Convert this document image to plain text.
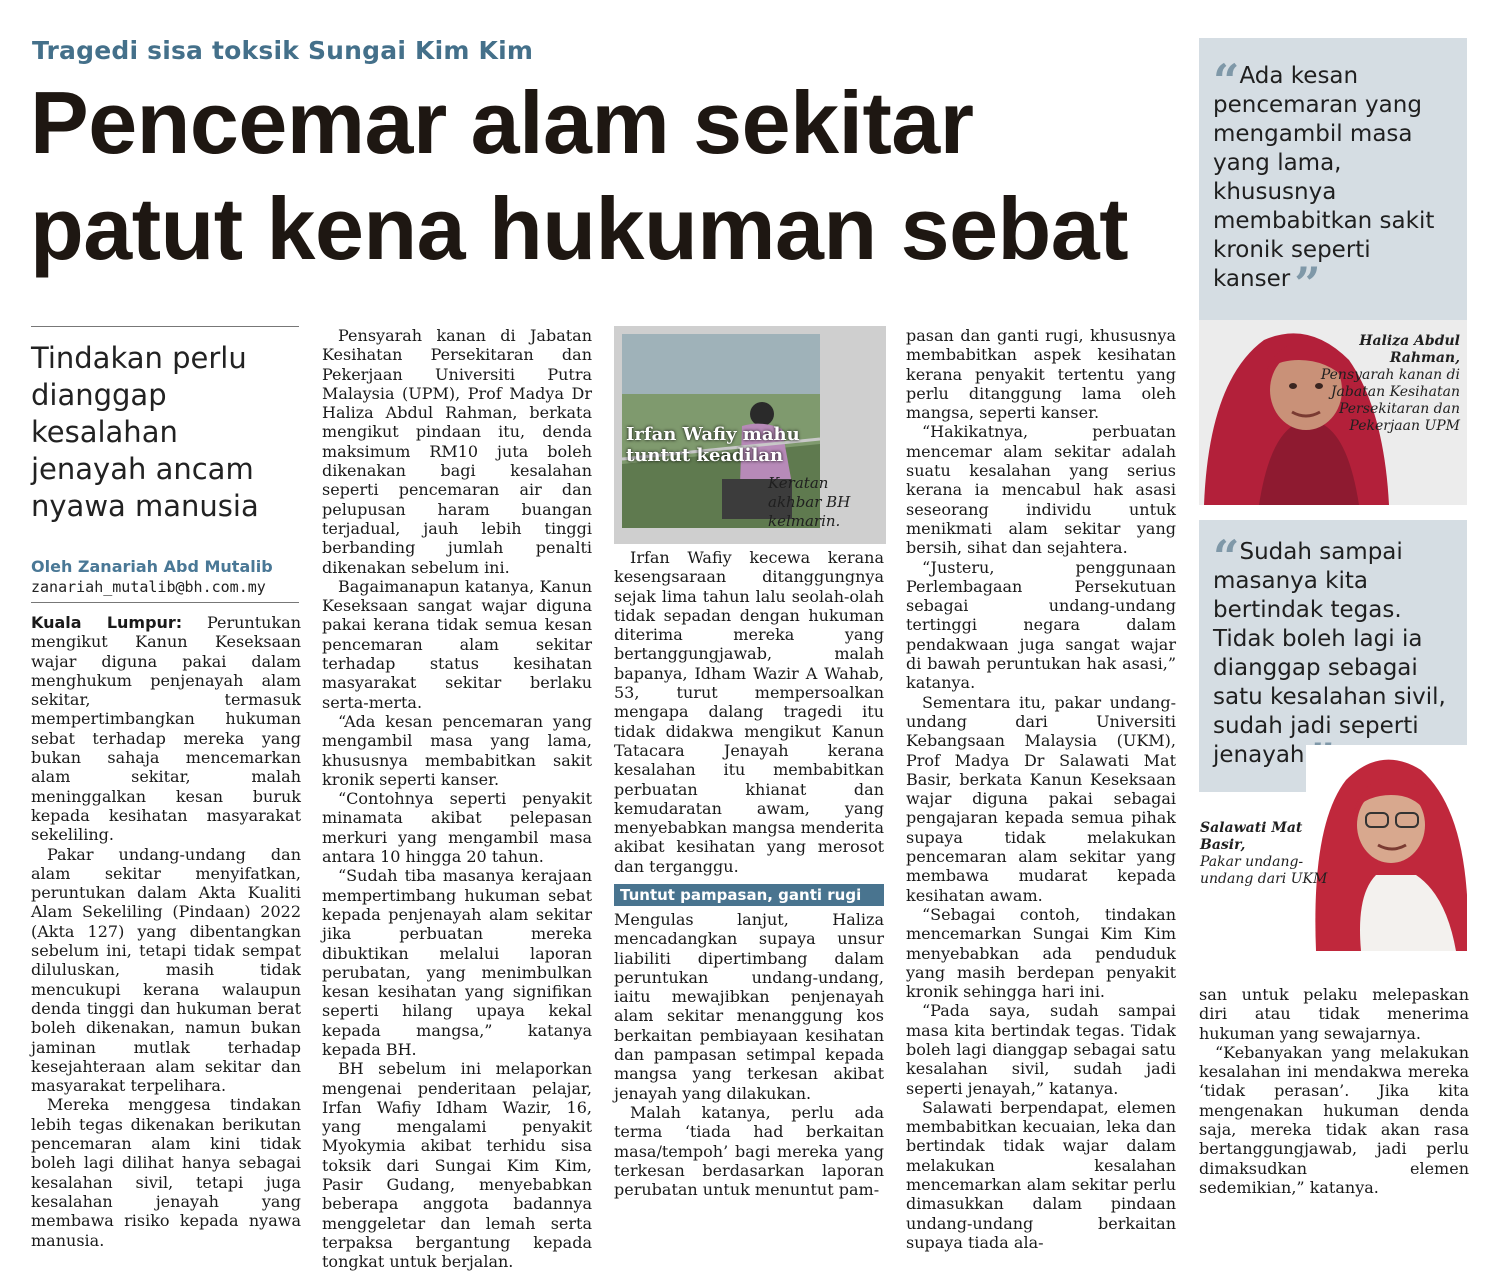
Tragedi sisa toksik Sungai Kim Kim
Pencemar alam sekitar
patut kena hukuman sebat
“Ada kesan pencemaran yang mengambil masa yang lama, khususnya membabitkan sakit kronik seperti kanser”
Haliza Abdul Rahman,
Pensyarah kanan di Jabatan Kesihatan Persekitaran dan Pekerjaan UPM
“Sudah sampai masanya kita bertindak tegas. Tidak boleh lagi ia dianggap sebagai satu kesalahan sivil, sudah jadi seperti jenayah
Salawati Mat Basir,
Pakar undang-undang dari UKM
Tindakan perlu dianggap kesalahan jenayah ancam nyawa manusia
Oleh Zanariah Abd Mutalib
zanariah_mutalib@bh.com.my

Kuala Lumpur: Peruntukan mengikut Kanun Keseksaan wajar diguna pakai dalam menghukum penjenayah alam sekitar, termasuk mempertimbangkan hukuman sebat terhadap mereka yang bukan sahaja mencemarkan alam sekitar, malah meninggalkan kesan buruk kepada kesihatan masyarakat sekeliling.

Pakar undang-undang dan alam sekitar menyifatkan, peruntukan dalam Akta Kualiti Alam Sekeliling (Pindaan) 2022 (Akta 127) yang dibentangkan sebelum ini, tetapi tidak sempat diluluskan, masih tidak mencukupi kerana walaupun denda tinggi dan hukuman berat boleh dikenakan, namun bukan jaminan mutlak terhadap kesejahteraan alam sekitar dan masyarakat terpelihara.

Mereka menggesa tindakan lebih tegas dikenakan berikutan pencemaran alam kini tidak boleh lagi dilihat hanya sebagai kesalahan sivil, tetapi juga kesalahan jenayah yang membawa risiko kepada nyawa manusia.

Pensyarah kanan di Jabatan Kesihatan Persekitaran dan Pekerjaan Universiti Putra Malaysia (UPM), Prof Madya Dr Haliza Abdul Rahman, berkata mengikut pindaan itu, denda maksimum RM10 juta boleh dikenakan bagi kesalahan seperti pencemaran air dan pelupusan haram buangan terjadual, jauh lebih tinggi berbanding jumlah penalti dikenakan sebelum ini.

Bagaimanapun katanya, Kanun Keseksaan sangat wajar diguna pakai kerana tidak semua kesan pencemaran alam sekitar terhadap status kesihatan masyarakat sekitar berlaku serta-merta.

“Ada kesan pencemaran yang mengambil masa yang lama, khususnya membabitkan sakit kronik seperti kanser.

“Contohnya seperti penyakit minamata akibat pelepasan merkuri yang mengambil masa antara 10 hingga 20 tahun.

“Sudah tiba masanya kerajaan mempertimbang hukuman sebat kepada penjenayah alam sekitar jika perbuatan mereka dibuktikan melalui laporan perubatan, yang menimbulkan kesan kesihatan yang signifikan seperti hilang upaya kekal kepada mangsa,” katanya kepada BH.

BH sebelum ini melaporkan mengenai penderitaan pelajar, Irfan Wafiy Idham Wazir, 16, yang mengalami penyakit Myokymia akibat terhidu sisa toksik dari Sungai Kim Kim, Pasir Gudang, menyebabkan beberapa anggota badannya menggeletar dan lemah serta terpaksa bergantung kepada tongkat untuk berjalan.

Irfan Wafiy mahu tuntut keadilan
Keratan akhbar BH kelmarin.

Irfan Wafiy kecewa kerana kesengsaraan ditanggungnya sejak lima tahun lalu seolah-olah tidak sepadan dengan hukuman diterima mereka yang bertanggungjawab, malah bapanya, Idham Wazir A Wahab, 53, turut mempersoalkan mengapa dalang tragedi itu tidak didakwa mengikut Kanun Tatacara Jenayah kerana kesalahan itu membabitkan perbuatan khianat dan kemudaratan awam, yang menyebabkan mangsa menderita akibat kesihatan yang merosot dan terganggu.

Tuntut pampasan, ganti rugi

Mengulas lanjut, Haliza mencadangkan supaya unsur liabiliti dipertimbang dalam peruntukan undang-undang, iaitu mewajibkan penjenayah alam sekitar menanggung kos berkaitan pembiayaan kesihatan dan pampasan setimpal kepada mangsa yang terkesan akibat jenayah yang dilakukan.

Malah katanya, perlu ada terma ‘tiada had berkaitan masa/tempoh’ bagi mereka yang terkesan berdasarkan laporan perubatan untuk menuntut pam-

pasan dan ganti rugi, khususnya membabitkan aspek kesihatan kerana penyakit tertentu yang perlu ditanggung lama oleh mangsa, seperti kanser.

“Hakikatnya, perbuatan mencemar alam sekitar adalah suatu kesalahan yang serius kerana ia mencabul hak asasi seseorang individu untuk menikmati alam sekitar yang bersih, sihat dan sejahtera.

“Justeru, penggunaan Perlembagaan Persekutuan sebagai undang-undang tertinggi negara dalam pendakwaan juga sangat wajar di bawah peruntukan hak asasi,” katanya.

Sementara itu, pakar undang-undang dari Universiti Kebangsaan Malaysia (UKM), Prof Madya Dr Salawati Mat Basir, berkata Kanun Keseksaan wajar diguna pakai sebagai pengajaran kepada semua pihak supaya tidak melakukan pencemaran alam sekitar yang membawa mudarat kepada kesihatan awam.

“Sebagai contoh, tindakan mencemarkan Sungai Kim Kim menyebabkan ada penduduk yang masih berdepan penyakit kronik sehingga hari ini.

“Pada saya, sudah sampai masa kita bertindak tegas. Tidak boleh lagi dianggap sebagai satu kesalahan sivil, sudah jadi seperti jenayah,” katanya.

Salawati berpendapat, elemen membabitkan kecuaian, leka dan bertindak tidak wajar dalam melakukan kesalahan mencemarkan alam sekitar perlu dimasukkan dalam pindaan undang-undang berkaitan supaya tiada ala-

san untuk pelaku melepaskan diri atau tidak menerima hukuman yang sewajarnya.

“Kebanyakan yang melakukan kesalahan ini mendakwa mereka ‘tidak perasan’. Jika kita mengenakan hukuman denda saja, mereka tidak akan rasa bertanggungjawab, jadi perlu dimaksudkan elemen sedemikian,” katanya.
